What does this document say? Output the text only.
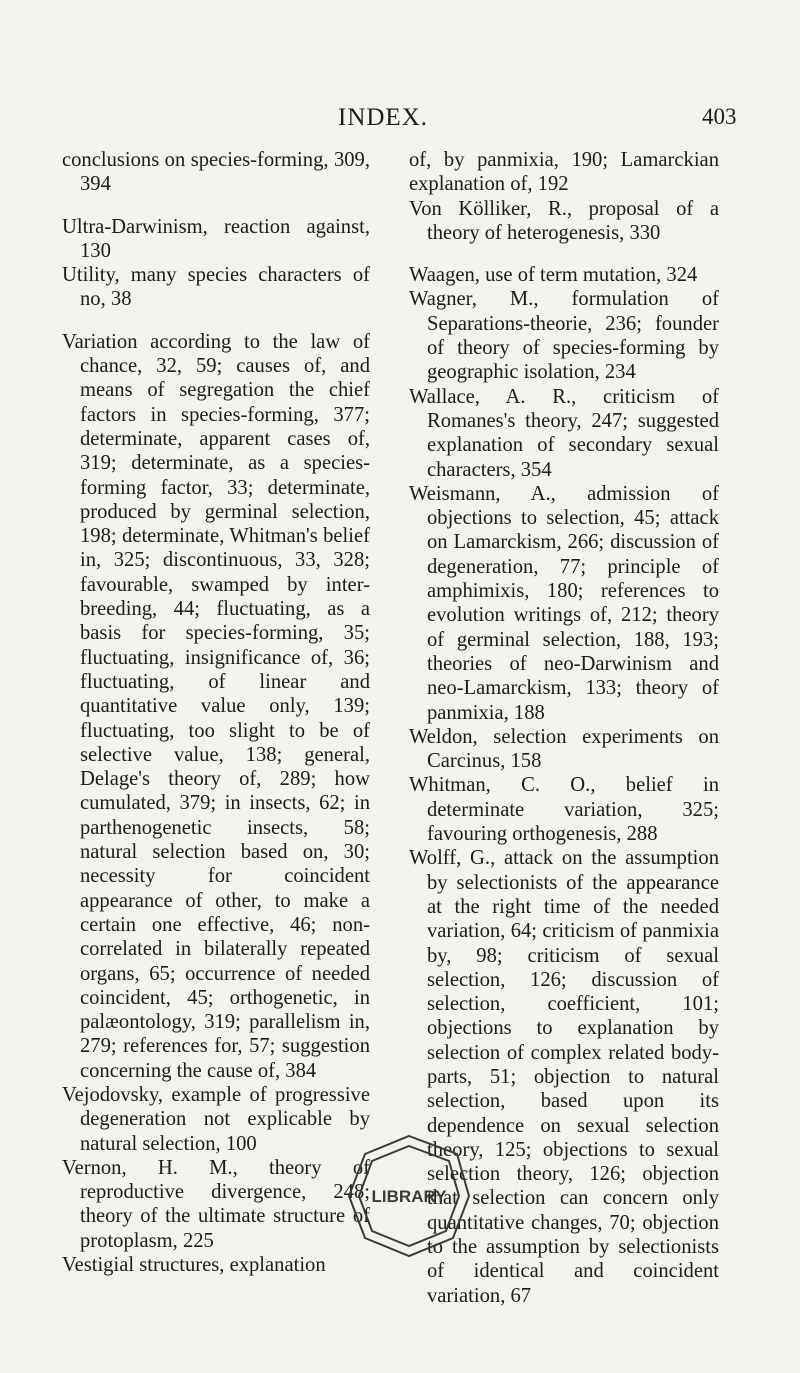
INDEX.	403

conclusions on species-forming, 309, 394

Ultra-Darwinism, reaction against, 130

Utility, many species characters of no, 38

Variation according to the law of chance, 32, 59; causes of, and means of segregation the chief factors in species-forming, 377; determinate, apparent cases of, 319; determinate, as a species-forming factor, 33; determinate, produced by germinal selection, 198; determinate, Whitman's belief in, 325; discontinuous, 33, 328; favourable, swamped by inter-breeding, 44; fluctuating, as a basis for species-forming, 35; fluctuating, insignificance of, 36; fluctuating, of linear and quantitative value only, 139; fluctuating, too slight to be of selective value, 138; general, Delage's theory of, 289; how cumulated, 379; in insects, 62; in parthenogenetic insects, 58; natural selection based on, 30; necessity for coincident appearance of other, to make a certain one effective, 46; non-correlated in bilaterally repeated organs, 65; occurrence of needed coincident, 45; orthogenetic, in palæontology, 319; parallelism in, 279; references for, 57; suggestion concerning the cause of, 384

Vejodovsky, example of progressive degeneration not explicable by natural selection, 100

Vernon, H. M., theory of reproductive divergence, 248; theory of the ultimate structure of protoplasm, 225

Vestigial structures, explanation

of, by panmixia, 190; Lamarckian explanation of, 192

Von Kölliker, R., proposal of a theory of heterogenesis, 330

Waagen, use of term mutation, 324

Wagner, M., formulation of Separations-theorie, 236; founder of theory of species-forming by geographic isolation, 234

Wallace, A. R., criticism of Romanes's theory, 247; suggested explanation of secondary sexual characters, 354

Weismann, A., admission of objections to selection, 45; attack on Lamarckism, 266; discussion of degeneration, 77; principle of amphimixis, 180; references to evolution writings of, 212; theory of germinal selection, 188, 193; theories of neo-Darwinism and neo-Lamarckism, 133; theory of panmixia, 188

Weldon, selection experiments on Carcinus, 158

Whitman, C. O., belief in determinate variation, 325; favouring orthogenesis, 288

Wolff, G., attack on the assumption by selectionists of the appearance at the right time of the needed variation, 64; criticism of panmixia by, 98; criticism of sexual selection, 126; discussion of selection, coefficient, 101; objections to explanation by selection of complex related body-parts, 51; objection to natural selection, based upon its dependence on sexual selection theory, 125; objections to sexual selection theory, 126; objection that selection can concern only quantitative changes, 70; objection to the assumption by selectionists of identical and coincident variation, 67

LIBRARY
